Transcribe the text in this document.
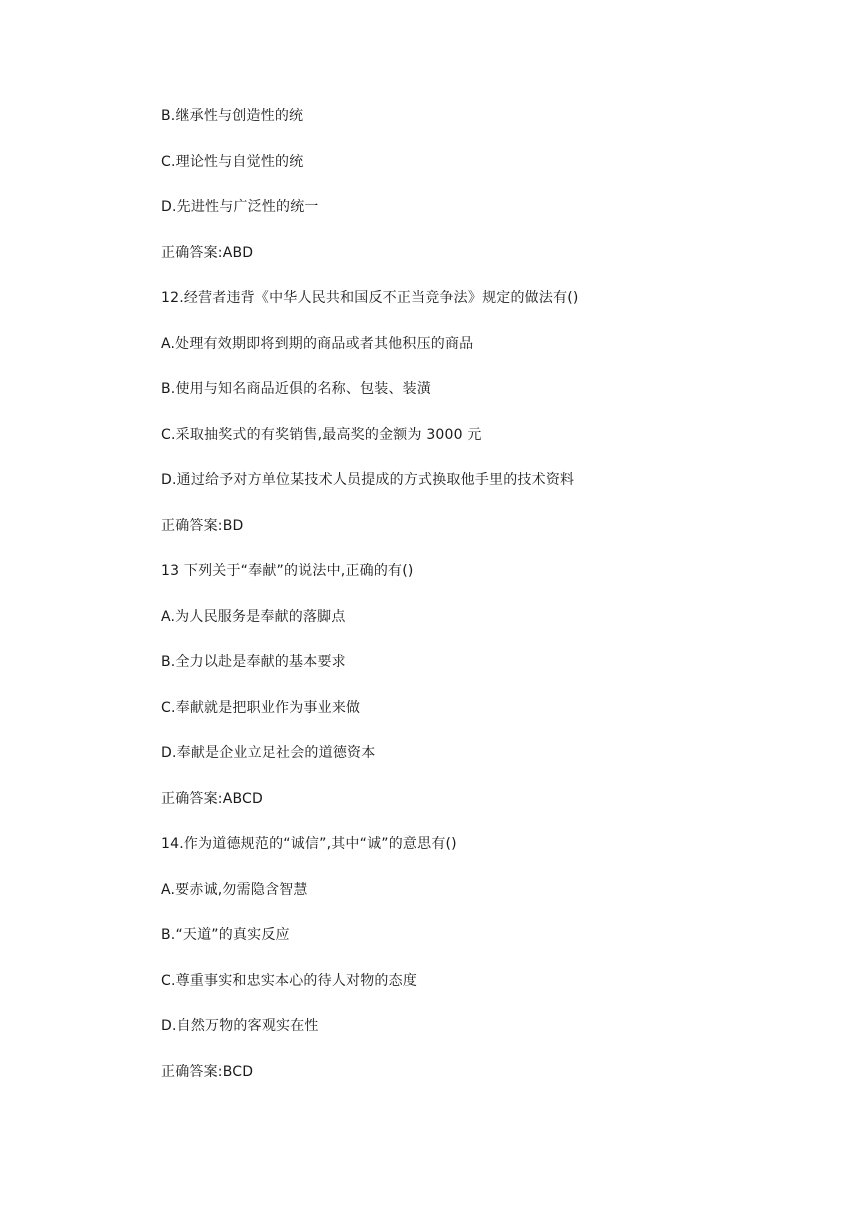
B.继承性与创造性的统
C.理论性与自觉性的统
D.先进性与广泛性的统一
正确答案:ABD
12.经营者违背《中华人民共和国反不正当竞争法》规定的做法有()
A.处理有效期即将到期的商品或者其他积压的商品
B.使用与知名商品近俱的名称、包装、装潢
C.采取抽奖式的有奖销售,最高奖的金额为 3000 元
D.通过给予对方单位某技术人员提成的方式换取他手里的技术资料
正确答案:BD
13 下列关于“奉献”的说法中,正确的有()
A.为人民服务是奉献的落脚点
B.全力以赴是奉献的基本要求
C.奉献就是把职业作为事业来做
D.奉献是企业立足社会的道德资本
正确答案:ABCD
14.作为道德规范的“诚信”,其中“诚”的意思有()
A.要赤诚,勿需隐含智慧
B.“天道”的真实反应
C.尊重事实和忠实本心的待人对物的态度
D.自然万物的客观实在性
正确答案:BCD
